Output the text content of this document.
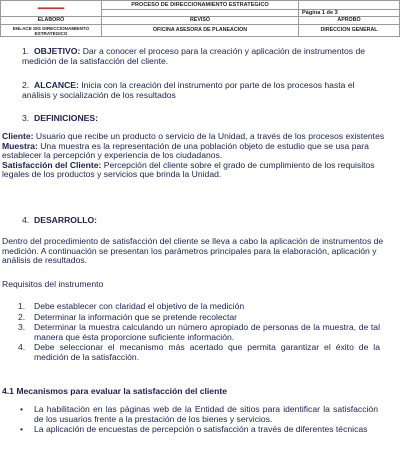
▬▬▬▬▬	PROCESO DE DIRECCIONAMIENTO ESTRATEGICO	
		Página 1 de 3
ELABORÓ	REVISÓ	APROBÓ
ENLACE SIG DIRECCIONAMIENTO ESTRATEGICO	OFICINA ASESORA DE PLANEACION	DIRECCION GENERAL
1. OBJETIVO: Dar a conocer el proceso para la creación y aplicación de instrumentos de medición de la satisfacción del cliente.
2. ALCANCE: Inicia con la creación del instrumento por parte de los procesos hasta el análisis y socialización de los resultados
3. DEFINICIONES:
Cliente: Usuario que recibe un producto o servicio de la Unidad, a través de los procesos existentes
Muestra: Una muestra es la representación de una población objeto de estudio que se usa para establecer la percepción y experiencia de los ciudadanos.
Satisfacción del Cliente: Percepción del cliente sobre el grado de cumplimiento de los requisitos legales de los productos y servicios que brinda la Unidad.
4. DESARROLLO:
Dentro del procedimiento de satisfacción del cliente se lleva a cabo la aplicación de instrumentos de medición. A continuación se presentan los parámetros principales para la elaboración, aplicación y análisis de resultados.
Requisitos del instrumento
1. Debe establecer con claridad el objetivo de la medición
2. Determinar la información que se pretende recolectar
3. Determinar la muestra calculando un número apropiado de personas de la muestra, de tal manera que ésta proporcione suficiente información.
4. Debe seleccionar el mecanismo más acertado que permita garantizar el éxito de la medición de la satisfacción.
4.1 Mecanismos para evaluar la satisfacción del cliente
• La habilitación en las páginas web de la Entidad de sitios para identificar la satisfacción de los usuarios frente a la prestación de los bienes y servicios.
• La aplicación de encuestas de percepción o satisfacción a través de diferentes técnicas
